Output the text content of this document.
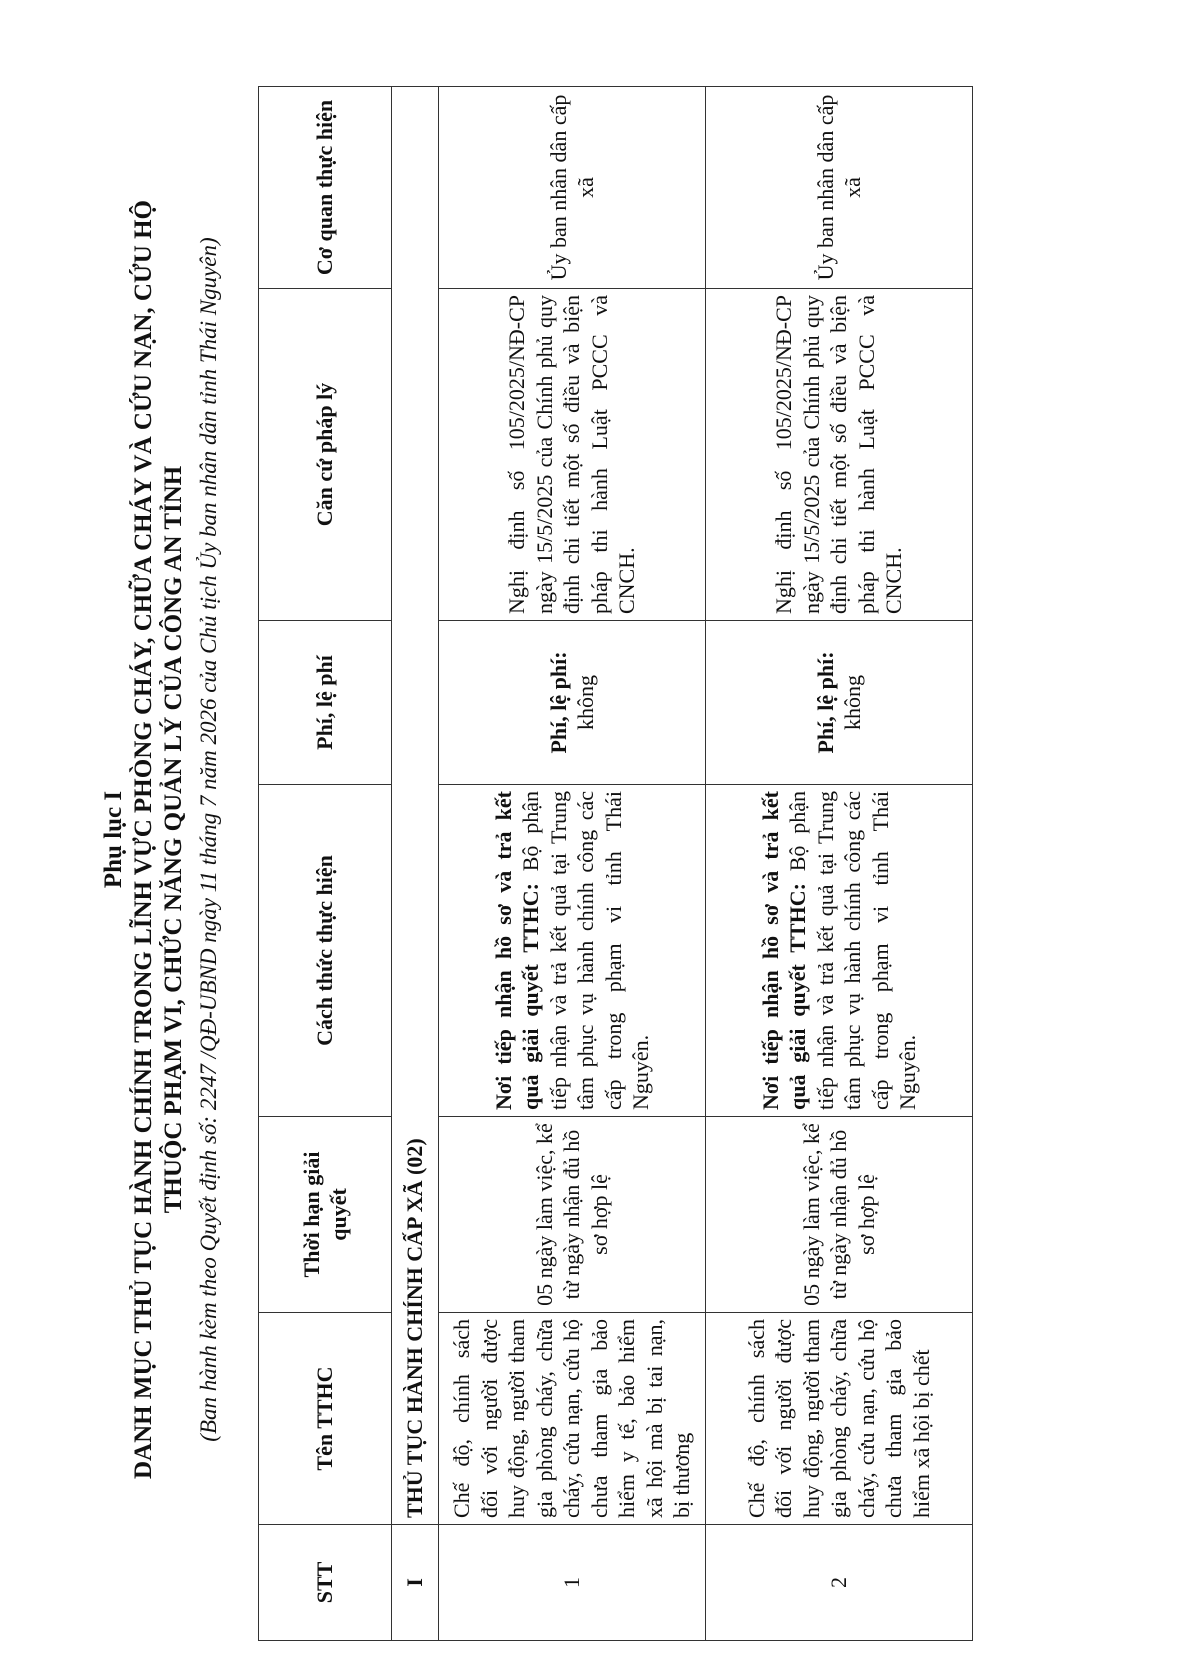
Phụ lục I DANH MỤC THỦ TỤC HÀNH CHÍNH TRONG LĨNH VỰC PHÒNG CHÁY, CHỮA CHÁY VÀ CỨU NẠN, CỨU HỘ THUỘC PHẠM VI, CHỨC NĂNG QUẢN LÝ CỦA CÔNG AN TỈNH (Ban hành kèm theo Quyết định số: 2247 /QĐ-UBND ngày 11 tháng 7 năm 2026 của Chủ tịch Ủy ban nhân dân tỉnh Thái Nguyên)
STT	Tên TTHC	Thời hạn giải quyết	Cách thức thực hiện	Phí, lệ phí	Căn cứ pháp lý	Cơ quan thực hiện
I	THỦ TỤC HÀNH CHÍNH CẤP XÃ (02)					
1	Chế độ, chính sách đối với người được huy động, người tham gia phòng cháy, chữa cháy, cứu nạn, cứu hộ chưa tham gia bảo hiểm y tế, bảo hiểm xã hội mà bị tai nạn, bị thương	05 ngày làm việc, kể từ ngày nhận đủ hồ sơ hợp lệ	Nơi tiếp nhận hồ sơ và trả kết quả giải quyết TTHC: Bộ phận tiếp nhận và trả kết quả tại Trung tâm phục vụ hành chính công các cấp trong phạm vi tỉnh Thái Nguyên.	Phí, lệ phí: không	Nghị định số 105/2025/NĐ-CP ngày 15/5/2025 của Chính phủ quy định chi tiết một số điều và biện pháp thi hành Luật PCCC và CNCH.	Ủy ban nhân dân cấp xã
2	Chế độ, chính sách đối với người được huy động, người tham gia phòng cháy, chữa cháy, cứu nạn, cứu hộ chưa tham gia bảo hiểm xã hội bị chết	05 ngày làm việc, kể từ ngày nhận đủ hồ sơ hợp lệ	Nơi tiếp nhận hồ sơ và trả kết quả giải quyết TTHC: Bộ phận tiếp nhận và trả kết quả tại Trung tâm phục vụ hành chính công các cấp trong phạm vi tỉnh Thái Nguyên.	Phí, lệ phí: không	Nghị định số 105/2025/NĐ-CP ngày 15/5/2025 của Chính phủ quy định chi tiết một số điều và biện pháp thi hành Luật PCCC và CNCH.	Ủy ban nhân dân cấp xã
